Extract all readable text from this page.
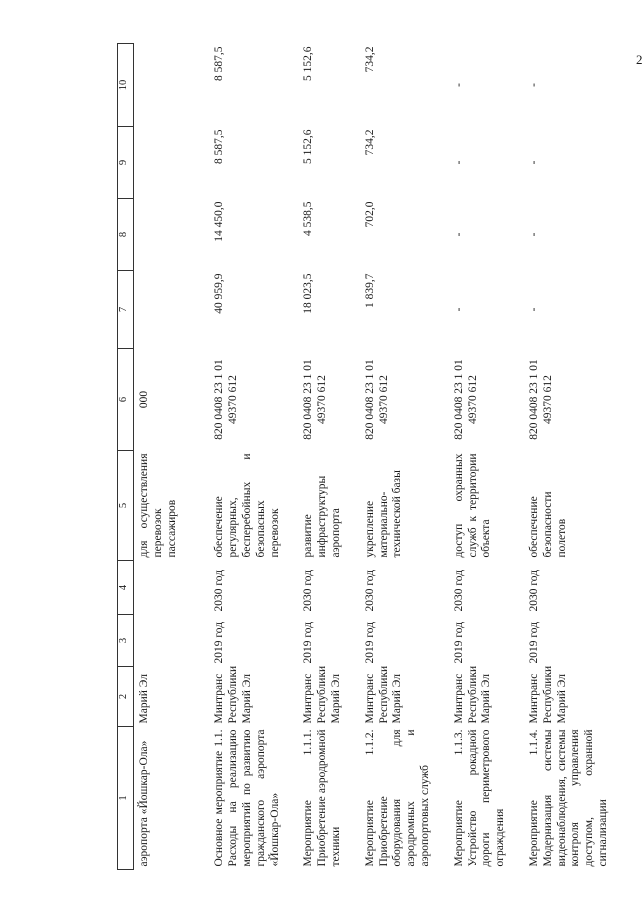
2
1	2	3	4	5	6	7	8	9	10
аэропорта «Йошкар-Ола»	Марий Эл			для осуществления перевозок пассажиров	000				
Основное мероприятие 1.1. Расходы на реализацию мероприятий по развитию гражданского аэропорта «Йошкар-Ола»	Минтранс Республики Марий Эл	2019 год	2030 год	обеспечение регулярных, бесперебойных и безопасных перевозок	820 0408 23 1 01 49370 612	40 959,9	14 450,0	8 587,5	8 587,5
Мероприятие 1.1.1. Приобретение аэродромной техники	Минтранс Республики Марий Эл	2019 год	2030 год	развитие инфраструктуры аэропорта	820 0408 23 1 01 49370 612	18 023,5	4 538,5	5 152,6	5 152,6
Мероприятие 1.1.2. Приобретение оборудования для аэродромных и аэропортовых служб	Минтранс Республики Марий Эл	2019 год	2030 год	укрепление материально-технической базы	820 0408 23 1 01 49370 612	1 839,7	702,0	734,2	734,2
Мероприятие 1.1.3. Устройство рокадной дороги периметрового ограждения	Минтранс Республики Марий Эл	2019 год	2030 год	доступ охранных служб к территории объекта	820 0408 23 1 01 49370 612	-	-	-	-
Мероприятие 1.1.4. Модернизация системы видеонаблюдения, системы контроля управления доступом, охранной сигнализации	Минтранс Республики Марий Эл	2019 год	2030 год	обеспечение безопасности полетов	820 0408 23 1 01 49370 612	-	-	-	-
